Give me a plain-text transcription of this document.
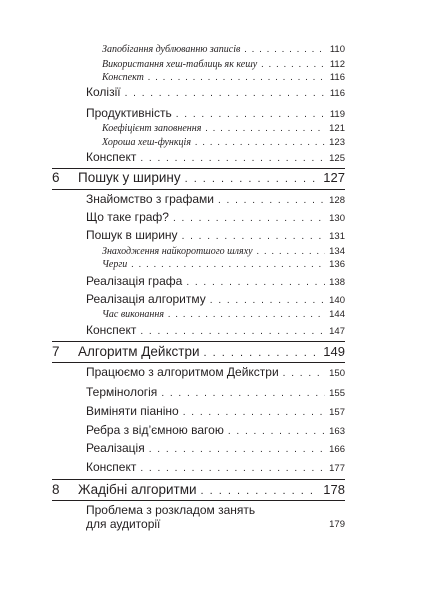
Запобігання дублюванню записів . . .	110
Використання хеш-таблиць як кешу . . .	112
Конспект . . .	116
Колізії . . .	116
Продуктивність . . .	119
Коефіцієнт заповнення . . .	121
Хороша хеш-функція . . .	123
Конспект . . .	125
6	Пошук у ширину . . .	127
Знайомство з графами . . .	128
Що таке граф? . . .	130
Пошук в ширину . . .	131
Знаходження найкоротшого шляху . . .	134
Черги . . .	136
Реалізація графа . . .	138
Реалізація алгоритму . . .	140
Час виконання . . .	144
Конспект . . .	147
7	Алгоритм Дейкстри . . .	149
Працюємо з алгоритмом Дейкстри . . .	150
Термінологія . . .	155
Виміняти піаніно . . .	157
Ребра з від’ємною вагою . . .	163
Реалізація . . .	166
Конспект . . .	177
8	Жадібні алгоритми . . .	178
Проблема з розкладом занять
для аудиторії	179
